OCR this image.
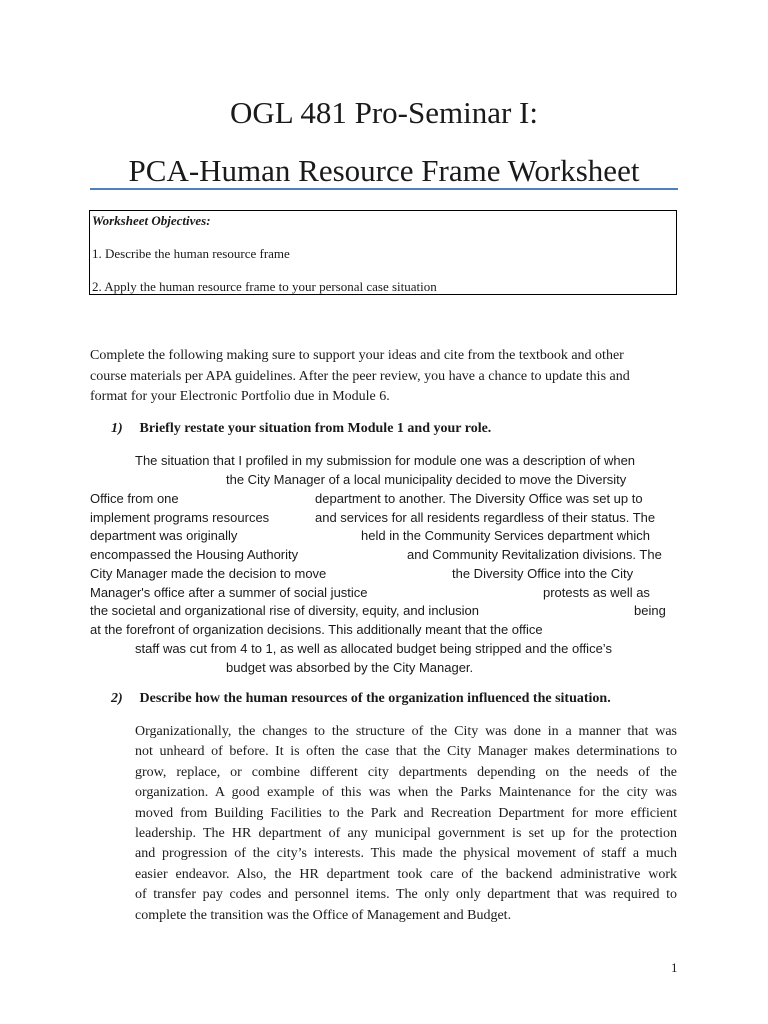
OGL 481 Pro-Seminar I:
PCA-Human Resource Frame Worksheet
Worksheet Objectives:
1. Describe the human resource frame
2. Apply the human resource frame to your personal case situation
Complete the following making sure to support your ideas and cite from the textbook and other
course materials per APA guidelines. After the peer review, you have a chance to update this and
format for your Electronic Portfolio due in Module 6.
1) Briefly restate your situation from Module 1 and your role.
The situation that I profiled in my submission for module one was a description of when
the City Manager of a local municipality decided to move the Diversity
Office from one	department to another. The Diversity Office was set up to
implement programs resources	and services for all residents regardless of their status. The
department was originally	held in the Community Services department which
encompassed the Housing Authority	and Community Revitalization divisions. The
City Manager made the decision to move	the Diversity Office into the City
Manager's office after a summer of social justice	protests as well as
the societal and organizational rise of diversity, equity, and inclusion	being
at the forefront of organization decisions. This additionally meant that the office
staff was cut from 4 to 1, as well as allocated budget being stripped and the office’s
budget was absorbed by the City Manager.
2) Describe how the human resources of the organization influenced the situation.
Organizationally, the changes to the structure of the City was done in a manner that was
not unheard of before. It is often the case that the City Manager makes determinations to
grow, replace, or combine different city departments depending on the needs of the
organization. A good example of this was when the Parks Maintenance for the city was
moved from Building Facilities to the Park and Recreation Department for more efficient
leadership. The HR department of any municipal government is set up for the protection
and progression of the city’s interests. This made the physical movement of staff a much
easier endeavor. Also, the HR department took care of the backend administrative work
of transfer pay codes and personnel items. The only only department that was required to
complete the transition was the Office of Management and Budget.
1
